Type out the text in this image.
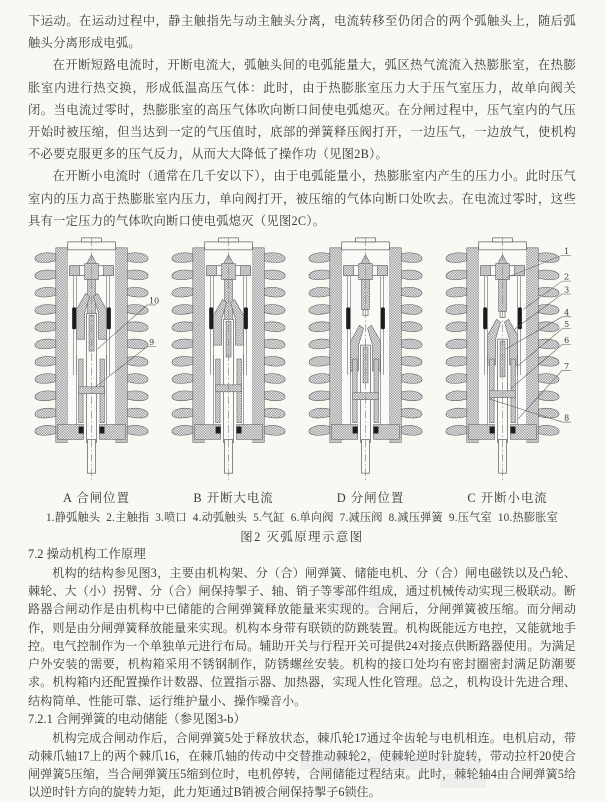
下运动。在运动过程中，静主触指先与动主触头分离，电流转移至仍闭合的两个弧触头上，随后弧触头分离形成电弧。

在开断短路电流时，开断电流大，弧触头间的电弧能量大，弧区热气流流入热膨胀室，在热膨胀室内进行热交换，形成低温高压气体：此时，由于热膨胀室压力大于压气室压力，故单向阀关闭。当电流过零时，热膨胀室的高压气体吹向断口间使电弧熄灭。在分闸过程中，压气室内的气压开始时被压缩，但当达到一定的气压值时，底部的弹簧释压阀打开，一边压气，一边放气，使机构不必要克服更多的压气反力，从而大大降低了操作功（见图2B）。

在开断小电流时（通常在几千安以下），由于电弧能量小，热膨胀室内产生的压力小。此时压气室内的压力高于热膨胀室内压力，单向阀打开，被压缩的气体向断口处吹去。在电流过零时，这些具有一定压力的气体吹向断口使电弧熄灭（见图2C）。

10
9
1
2
3
4
5
6
7
8
A 合闸位置	B 开断大电流	D 分闸位置	C 开断小电流
1.静弧触头  2.主触指  3.喷口  4.动弧触头  5.气缸  6.单向阀  7.减压阀  8.减压弹簧  9.压气室  10.热膨胀室
图2 灭弧原理示意图

7.2 操动机构工作原理

机构的结构参见图3，主要由机构架、分（合）闸弹簧、储能电机、分（合）闸电磁铁以及凸轮、棘轮、大（小）拐臂、分（合）闸保持掣子、轴、销子等零部件组成，通过机械传动实现三极联动。断路器合闸动作是由机构中已储能的合闸弹簧释放能量来实现的。合闸后，分闸弹簧被压缩。而分闸动作，则是由分闸弹簧释放能量来实现。机构本身带有联锁的防跳装置。机构既能远方电控，又能就地手控。电气控制作为一个单独单元进行布局。辅助开关与行程开关可提供24对接点供断路器使用。为满足户外安装的需要，机构箱采用不锈钢制作，防锈螺丝安装。机构的接口处均有密封圈密封满足防潮要求。机构箱内还配置操作计数器、位置指示器、加热器，实现人性化管理。总之，机构设计先进合理、结构简单、性能可靠、运行维护量小、操作噪音小。

7.2.1 合闸弹簧的电动储能（参见图3-b）

机构完成合闸动作后，合闸弹簧5处于释放状态，棘爪轮17通过伞齿轮与电机相连。电机启动，带动棘爪轴17上的两个棘爪16，在棘爪轴的传动中交替推动棘轮2，使棘轮逆时针旋转，带动拉杆20使合闸弹簧5压缩，当合闸弹簧压5缩到位时，电机停转，合闸储能过程结束。此时，棘轮轴4由合闸弹簧5给以逆时针方向的旋转力矩，此力矩通过B销被合闸保持掣子6锁住。
